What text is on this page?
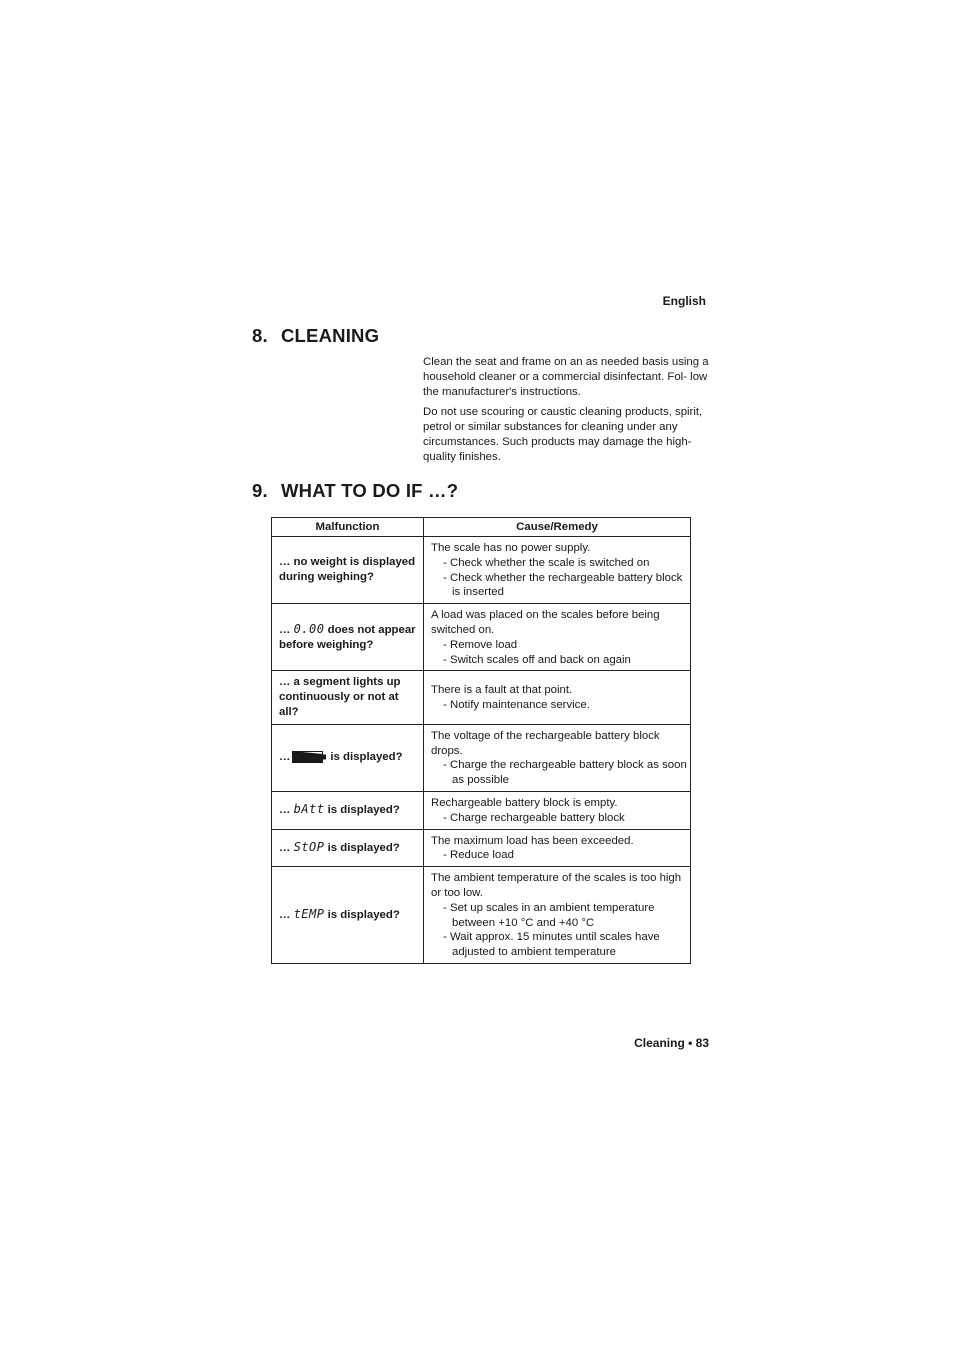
English
8. CLEANING

Clean the seat and frame on an as needed basis using a household cleaner or a commercial disinfectant. Fol- low the manufacturer's instructions.

Do not use scouring or caustic cleaning products, spirit, petrol or similar substances for cleaning under any circumstances. Such products may damage the high-quality finishes.

9. WHAT TO DO IF …?
Malfunction	Cause/Remedy
… no weight is displayed during weighing?	The scale has no power supply.
- Check whether the scale is switched on
- Check whether the rechargeable battery block is inserted

… 0.00 does not appear before weighing?	A load was placed on the scales before being switched on.
- Remove load
- Switch scales off and back on again

… a segment lights up continuously or not at all?	There is a fault at that point.
- Notify maintenance service.

… is displayed?	The voltage of the rechargeable battery block drops.
- Charge the rechargeable battery block as soon as possible

… bAtt is displayed?	Rechargeable battery block is empty.
- Charge rechargeable battery block

… StOP is displayed?	The maximum load has been exceeded.
- Reduce load

… tEMP is displayed?	The ambient temperature of the scales is too high or too low.
- Set up scales in an ambient temperature between +10 °C and +40 °C
- Wait approx. 15 minutes until scales have adjusted to ambient temperature
Cleaning • 83
